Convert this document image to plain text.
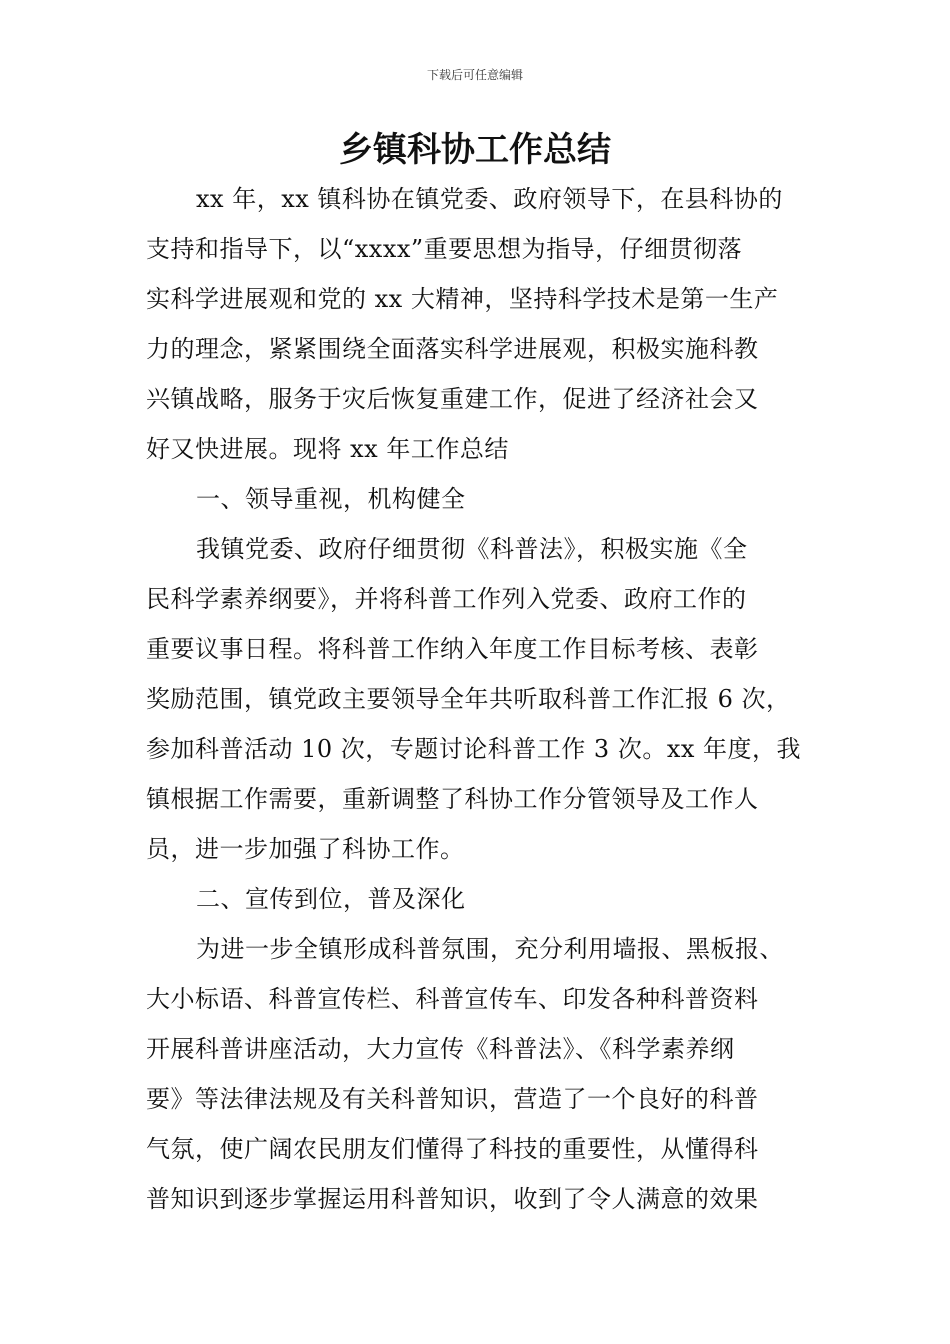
下载后可任意编辑
乡镇科协工作总结
xx 年，xx 镇科协在镇党委、政府领导下，在县科协的
支持和指导下，以“xxxx”重要思想为指导，仔细贯彻落
实科学进展观和党的 xx 大精神，坚持科学技术是第一生产
力的理念，紧紧围绕全面落实科学进展观，积极实施科教
兴镇战略，服务于灾后恢复重建工作，促进了经济社会又
好又快进展。现将 xx 年工作总结
一、领导重视，机构健全
我镇党委、政府仔细贯彻《科普法》，积极实施《全
民科学素养纲要》，并将科普工作列入党委、政府工作的
重要议事日程。将科普工作纳入年度工作目标考核、表彰
奖励范围，镇党政主要领导全年共听取科普工作汇报 6 次，
参加科普活动 10 次，专题讨论科普工作 3 次。xx 年度，我
镇根据工作需要，重新调整了科协工作分管领导及工作人
员，进一步加强了科协工作。
二、宣传到位，普及深化
为进一步全镇形成科普氛围，充分利用墙报、黑板报、
大小标语、科普宣传栏、科普宣传车、印发各种科普资料
开展科普讲座活动，大力宣传《科普法》、《科学素养纲
要》等法律法规及有关科普知识，营造了一个良好的科普
气氛，使广阔农民朋友们懂得了科技的重要性，从懂得科
普知识到逐步掌握运用科普知识，收到了令人满意的效果
